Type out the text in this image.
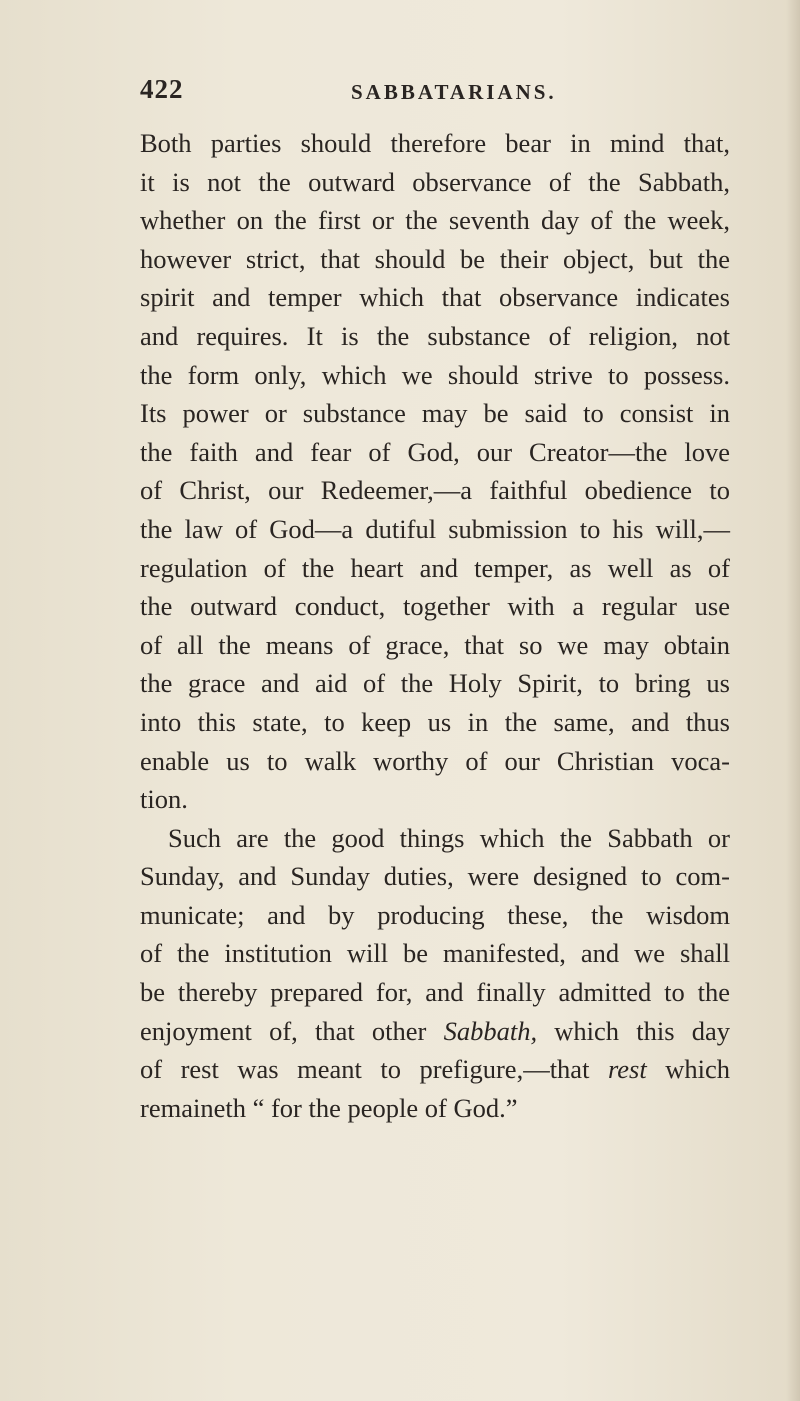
422	SABBATARIANS.
Both parties should therefore bear in mind that,
it is not the outward observance of the Sabbath,
whether on the first or the seventh day of the week,
however strict, that should be their object, but the
spirit and temper which that observance indicates
and requires. It is the substance of religion, not
the form only, which we should strive to possess.
Its power or substance may be said to consist in
the faith and fear of God, our Creator—the love
of Christ, our Redeemer,—a faithful obedience to
the law of God—a dutiful submission to his will,—
regulation of the heart and temper, as well as of
the outward conduct, together with a regular use
of all the means of grace, that so we may obtain
the grace and aid of the Holy Spirit, to bring us
into this state, to keep us in the same, and thus
enable us to walk worthy of our Christian voca-
tion.
Such are the good things which the Sabbath or
Sunday, and Sunday duties, were designed to com-
municate; and by producing these, the wisdom
of the institution will be manifested, and we shall
be thereby prepared for, and finally admitted to the
enjoyment of, that other Sabbath, which this day
of rest was meant to prefigure,—that rest which
remaineth “ for the people of God.”
